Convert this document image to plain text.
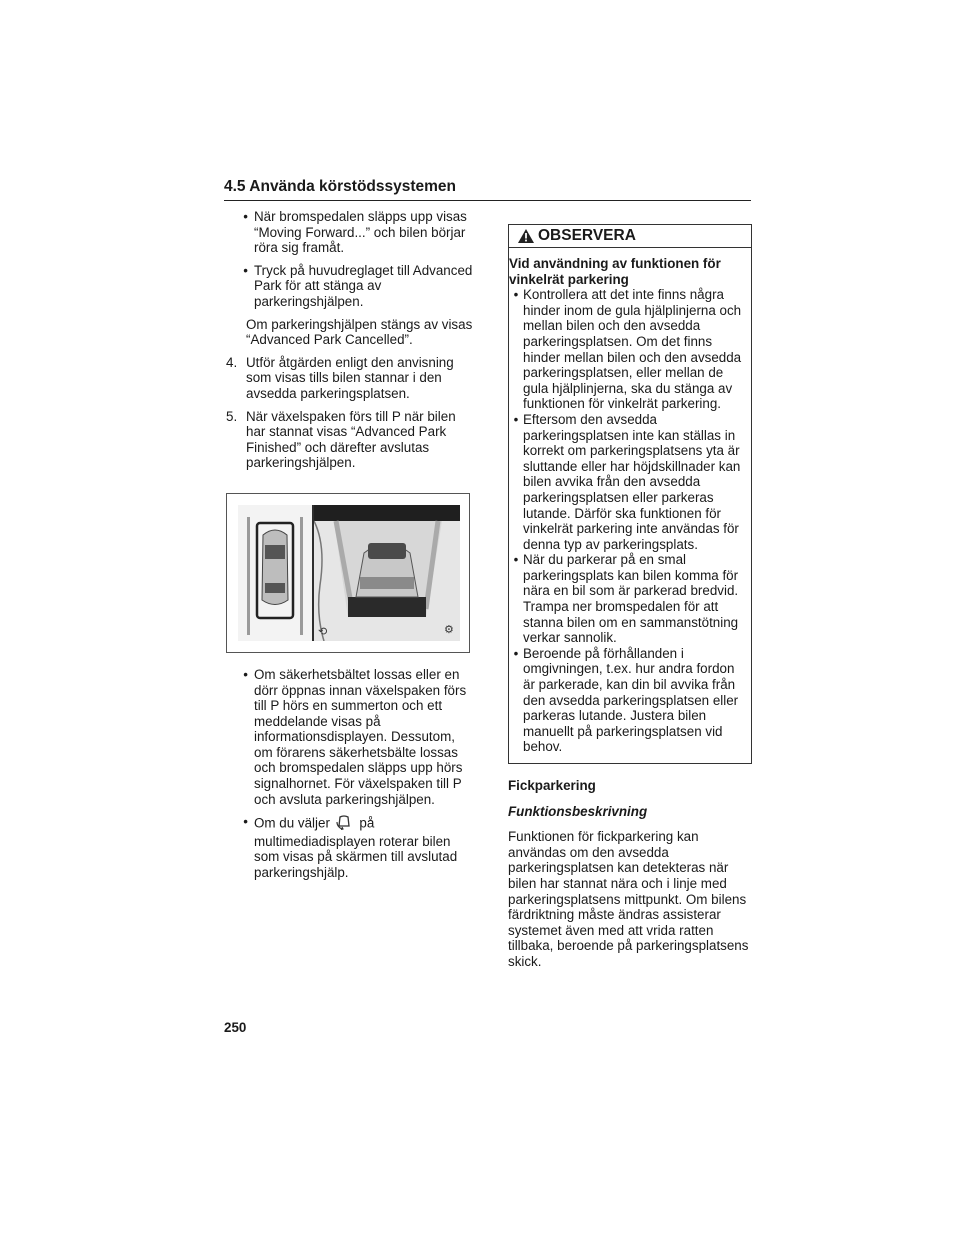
4.5 Använda körstödssystemen
• När bromspedalen släpps upp visas “Moving Forward...” och bilen börjar röra sig framåt.
• Tryck på huvudreglaget till Advanced Park för att stänga av parkeringshjälpen.
Om parkeringshjälpen stängs av visas “Advanced Park Cancelled”.
4. Utför åtgärden enligt den anvisning som visas tills bilen stannar i den avsedda parkeringsplatsen.
5. När växelspaken förs till P när bilen har stannat visas “Advanced Park Finished” och därefter avslutas parkeringshjälpen.
⟲	⚙
• Om säkerhetsbältet lossas eller en dörr öppnas innan växelspaken förs till P hörs en summerton och ett meddelande visas på informationsdisplayen. Dessutom, om förarens säkerhetsbälte lossas och bromspedalen släpps upp hörs signalhornet. För växelspaken till P och avsluta parkeringshjälpen.
• Om du väljer på multimediadisplayen roterar bilen som visas på skärmen till avslutad parkeringshjälp.
OBSERVERA
Vid användning av funktionen för vinkelrät parkering
• Kontrollera att det inte finns några hinder inom de gula hjälplinjerna och mellan bilen och den avsedda parkeringsplatsen. Om det finns hinder mellan bilen och den avsedda parkeringsplatsen, eller mellan de gula hjälplinjerna, ska du stänga av funktionen för vinkelrät parkering.
• Eftersom den avsedda parkeringsplatsen inte kan ställas in korrekt om parkeringsplatsens yta är sluttande eller har höjdskillnader kan bilen avvika från den avsedda parkeringsplatsen eller parkeras lutande. Därför ska funktionen för vinkelrät parkering inte användas för denna typ av parkeringsplats.
• När du parkerar på en smal parkeringsplats kan bilen komma för nära en bil som är parkerad bredvid. Trampa ner bromspedalen för att stanna bilen om en sammanstötning verkar sannolik.
• Beroende på förhållanden i omgivningen, t.ex. hur andra fordon är parkerade, kan din bil avvika från den avsedda parkeringsplatsen eller parkeras lutande. Justera bilen manuellt på parkeringsplatsen vid behov.
Fickparkering
Funktionsbeskrivning
Funktionen för fickparkering kan användas om den avsedda parkeringsplatsen kan detekteras när bilen har stannat nära och i linje med parkeringsplatsens mittpunkt. Om bilens färdriktning måste ändras assisterar systemet även med att vrida ratten tillbaka, beroende på parkeringsplatsens skick.
250
